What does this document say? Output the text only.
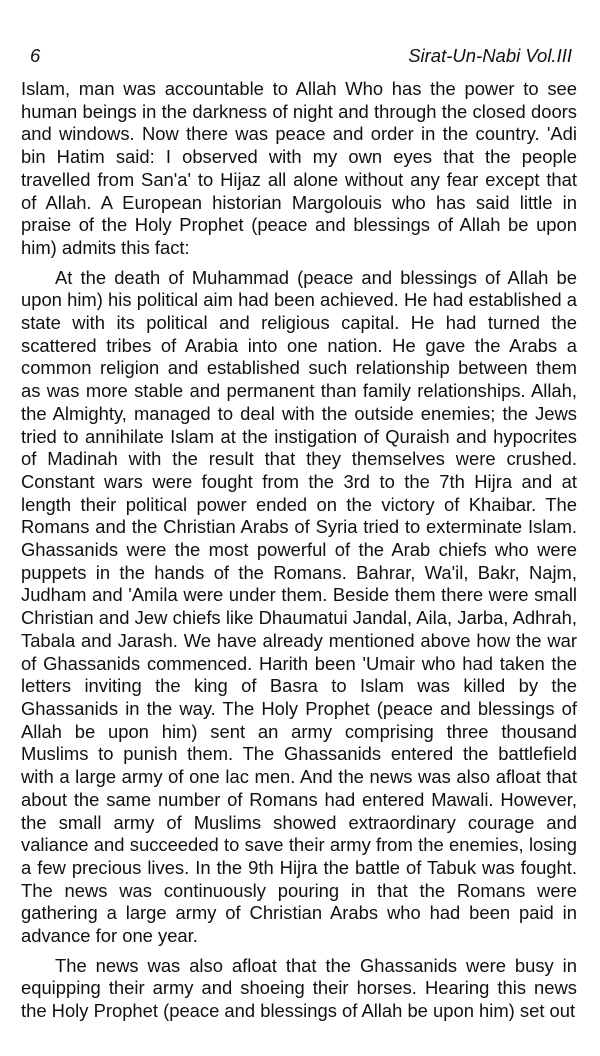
6	Sirat-Un-Nabi Vol.III

Islam, man was accountable to Allah Who has the power to see human beings in the darkness of night and through the closed doors and windows. Now there was peace and order in the country. 'Adi bin Hatim said: I observed with my own eyes that the people travelled from San'a' to Hijaz all alone without any fear except that of Allah. A European historian Margolouis who has said little in praise of the Holy Prophet (peace and blessings of Allah be upon him) admits this fact:

At the death of Muhammad (peace and blessings of Allah be upon him) his political aim had been achieved. He had established a state with its political and religious capital. He had turned the scattered tribes of Arabia into one nation. He gave the Arabs a common religion and established such relationship between them as was more stable and permanent than family relationships. Allah, the Almighty, managed to deal with the outside enemies; the Jews tried to annihilate Islam at the instigation of Quraish and hypocrites of Madinah with the result that they themselves were crushed. Constant wars were fought from the 3rd to the 7th Hijra and at length their political power ended on the victory of Khaibar. The Romans and the Christian Arabs of Syria tried to exterminate Islam. Ghassanids were the most powerful of the Arab chiefs who were puppets in the hands of the Romans. Bahrar, Wa'il, Bakr, Najm, Judham and 'Amila were under them. Beside them there were small Christian and Jew chiefs like Dhaumatui Jandal, Aila, Jarba, Adhrah, Tabala and Jarash. We have already mentioned above how the war of Ghassanids commenced. Harith been 'Umair who had taken the letters inviting the king of Basra to Islam was killed by the Ghassanids in the way. The Holy Prophet (peace and blessings of Allah be upon him) sent an army comprising three thousand Muslims to punish them. The Ghassanids entered the battlefield with a large army of one lac men. And the news was also afloat that about the same number of Romans had entered Mawali. However, the small army of Muslims showed extraordinary courage and valiance and succeeded to save their army from the enemies, losing a few precious lives. In the 9th Hijra the battle of Tabuk was fought. The news was continuously pouring in that the Romans were gathering a large army of Christian Arabs who had been paid in advance for one year.

The news was also afloat that the Ghassanids were busy in equipping their army and shoeing their horses. Hearing this news the Holy Prophet (peace and blessings of Allah be upon him) set out
